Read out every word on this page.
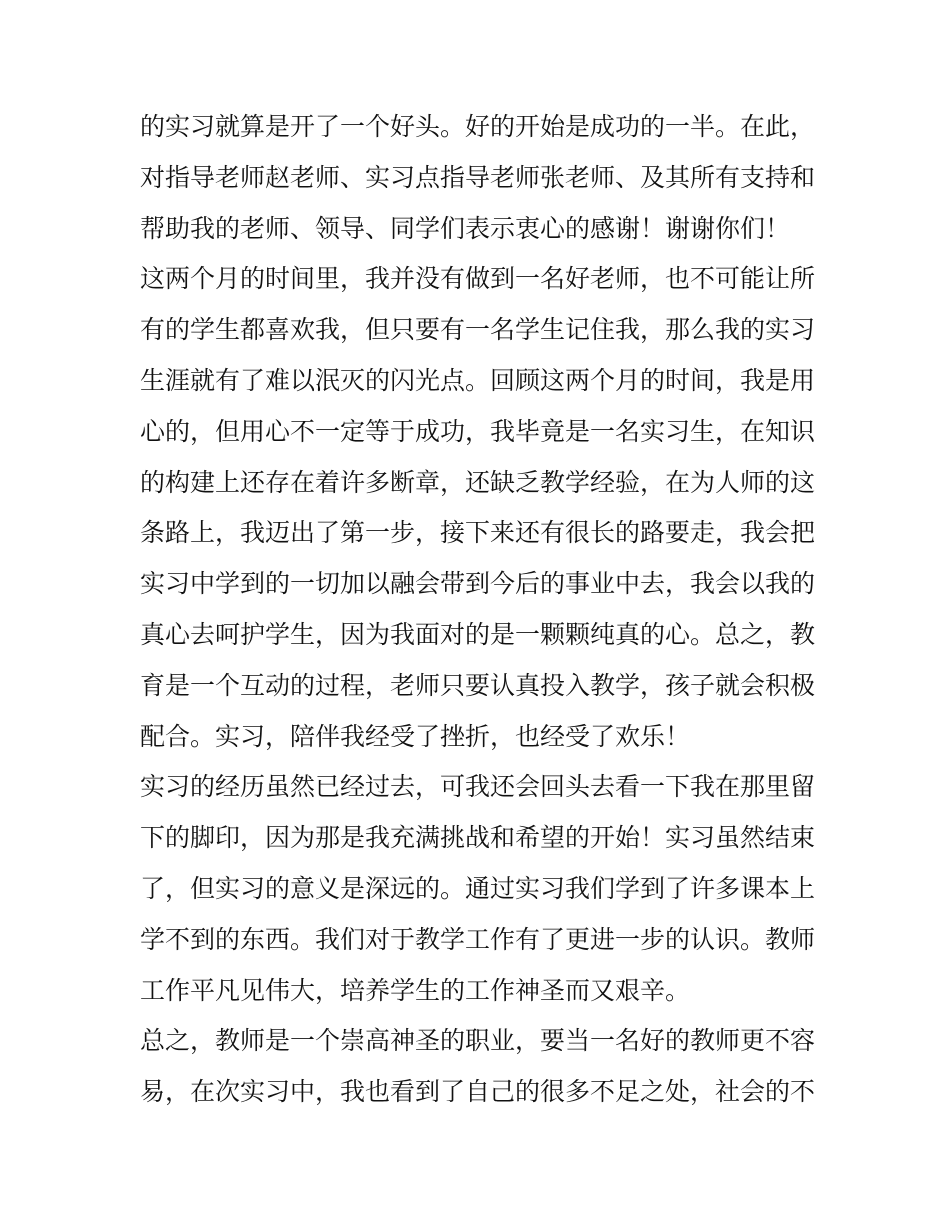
的实习就算是开了一个好头。好的开始是成功的一半。在此，
对指导老师赵老师、实习点指导老师张老师、及其所有支持和
帮助我的老师、领导、同学们表示衷心的感谢！谢谢你们！
这两个月的时间里，我并没有做到一名好老师，也不可能让所
有的学生都喜欢我，但只要有一名学生记住我，那么我的实习
生涯就有了难以泯灭的闪光点。回顾这两个月的时间，我是用
心的，但用心不一定等于成功，我毕竟是一名实习生，在知识
的构建上还存在着许多断章，还缺乏教学经验，在为人师的这
条路上，我迈出了第一步，接下来还有很长的路要走，我会把
实习中学到的一切加以融会带到今后的事业中去，我会以我的
真心去呵护学生，因为我面对的是一颗颗纯真的心。总之，教
育是一个互动的过程，老师只要认真投入教学，孩子就会积极
配合。实习，陪伴我经受了挫折，也经受了欢乐！
实习的经历虽然已经过去，可我还会回头去看一下我在那里留
下的脚印，因为那是我充满挑战和希望的开始！实习虽然结束
了，但实习的意义是深远的。通过实习我们学到了许多课本上
学不到的东西。我们对于教学工作有了更进一步的认识。教师
工作平凡见伟大，培养学生的工作神圣而又艰辛。
总之，教师是一个崇高神圣的职业，要当一名好的教师更不容
易，在次实习中，我也看到了自己的很多不足之处，社会的不
